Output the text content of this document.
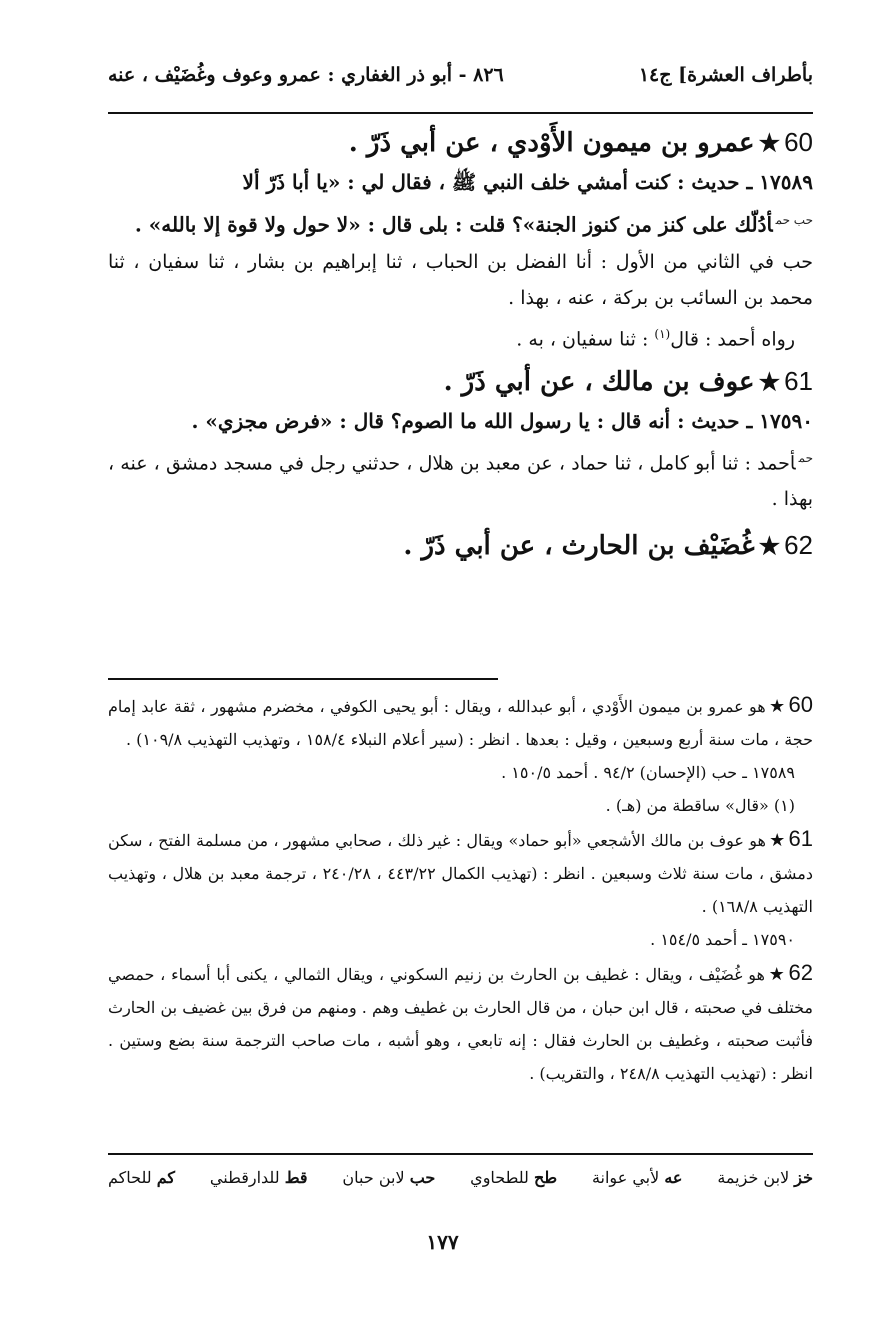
بأطراف العشرة] ج١٤
٨٢٦ - أبو ذر الغفاري : عمرو وعوف وغُضَيْف ، عنه

60★عمرو بن ميمون الأَوْدي ، عن أبي ذَرّ .

١٧٥٨٩ ـ حديث : كنت أمشي خلف النبي ﷺ ، فقال لي : «يا أبا ذَرّ ألا

$^{حب حم}$أدُلّك على كنز من كنوز الجنة»؟ قلت : بلى قال : «لا حول ولا قوة إلا بالله» .

حب في الثاني من الأول : أنا الفضل بن الحباب ، ثنا إبراهيم بن بشار ، ثنا سفيان ، ثنا محمد بن السائب بن بركة ، عنه ، بهذا .

رواه أحمد : قال$^{(١)}$ : ثنا سفيان ، به .

61★عوف بن مالك ، عن أبي ذَرّ .

١٧٥٩٠ ـ حديث : أنه قال : يا رسول الله ما الصوم؟ قال : «فرض مجزي» .

$^{حم}$أحمد : ثنا أبو كامل ، ثنا حماد ، عن معبد بن هلال ، حدثني رجل في مسجد دمشق ، عنه ، بهذا .

62★غُضَيْف بن الحارث ، عن أبي ذَرّ .

60★هو عمرو بن ميمون الأَوْدي ، أبو عبدالله ، ويقال : أبو يحيى الكوفي ، مخضرم مشهور ، ثقة عابد إمام حجة ، مات سنة أربع وسبعين ، وقيل : بعدها . انظر : (سير أعلام النبلاء ١٥٨/٤ ، وتهذيب التهذيب ١٠٩/٨) .

١٧٥٨٩ ـ حب (الإحسان) ٩٤/٢ . أحمد ١٥٠/٥ .

(١) «قال» ساقطة من (هـ) .

61★هو عوف بن مالك الأشجعي «أبو حماد» ويقال : غير ذلك ، صحابي مشهور ، من مسلمة الفتح ، سكن دمشق ، مات سنة ثلاث وسبعين . انظر : (تهذيب الكمال ٤٤٣/٢٢ ، ٢٤٠/٢٨ ، ترجمة معبد بن هلال ، وتهذيب التهذيب ١٦٨/٨) .

١٧٥٩٠ ـ أحمد ١٥٤/٥ .

62★هو غُضَيْف ، ويقال : غطيف بن الحارث بن زنيم السكوني ، ويقال الثمالي ، يكنى أبا أسماء ، حمصي مختلف في صحبته ، قال ابن حبان ، من قال الحارث بن غطيف وهم . ومنهم من فرق بين غضيف بن الحارث فأثبت صحبته ، وغطيف بن الحارث فقال : إنه تابعي ، وهو أشبه ، مات صاحب الترجمة سنة بضع وستين . انظر : (تهذيب التهذيب ٢٤٨/٨ ، والتقريب) .

خز لابن خزيمة
عه لأبي عوانة
طح للطحاوي
حب لابن حبان
قط للدارقطني
كم للحاكم
١٧٧
